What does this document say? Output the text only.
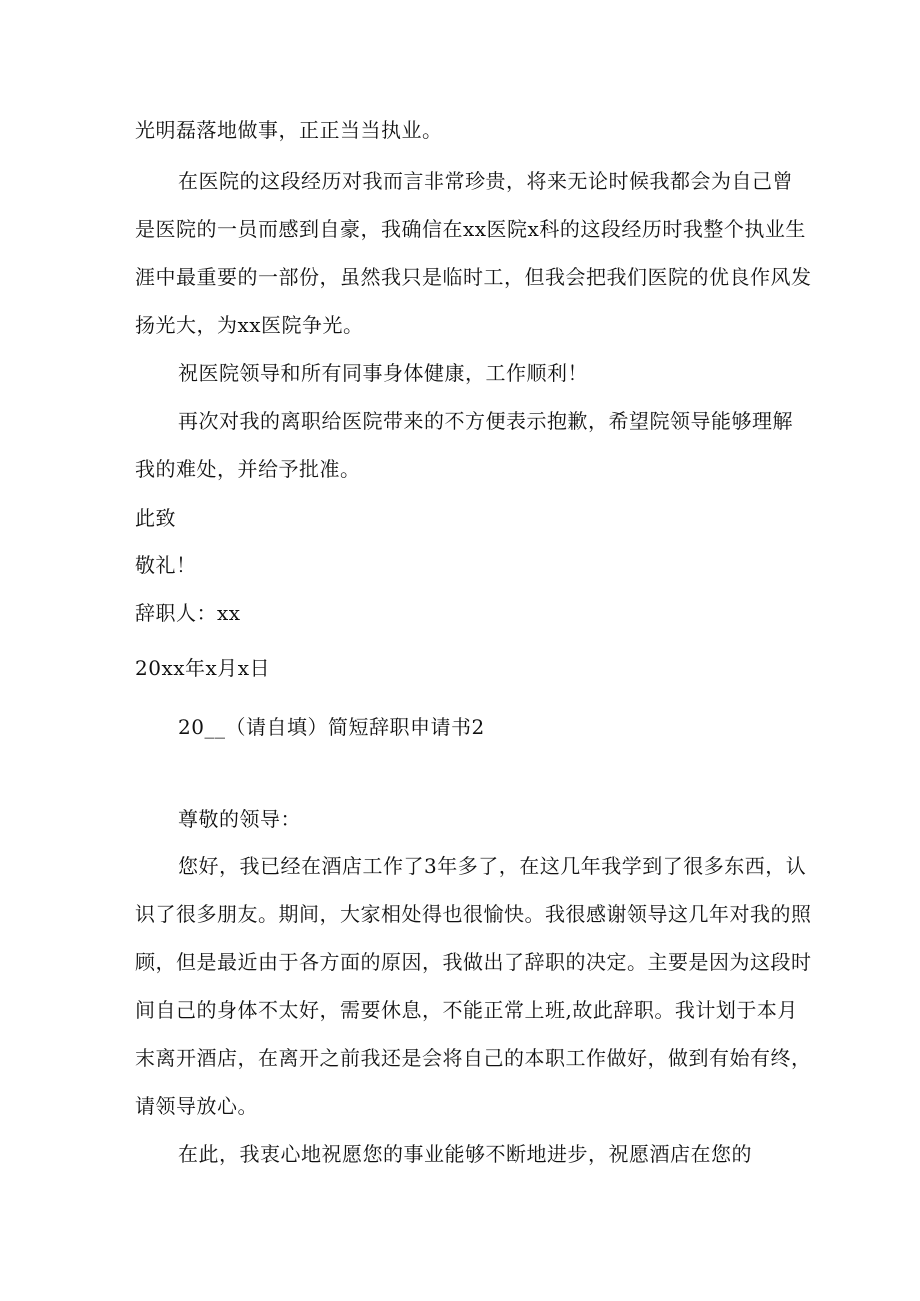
光明磊落地做事，正正当当执业。
在医院的这段经历对我而言非常珍贵，将来无论时候我都会为自己曾
是医院的一员而感到自豪，我确信在xx医院x科的这段经历时我整个执业生
涯中最重要的一部份，虽然我只是临时工，但我会把我们医院的优良作风发
扬光大，为xx医院争光。
祝医院领导和所有同事身体健康，工作顺利！
再次对我的离职给医院带来的不方便表示抱歉，希望院领导能够理解
我的难处，并给予批准。
此致
敬礼！
辞职人：xx
20xx年x月x日
20__（请自填）简短辞职申请书2
尊敬的领导：
您好，我已经在酒店工作了3年多了，在这几年我学到了很多东西，认
识了很多朋友。期间，大家相处得也很愉快。我很感谢领导这几年对我的照
顾，但是最近由于各方面的原因，我做出了辞职的决定。主要是因为这段时
间自己的身体不太好，需要休息，不能正常上班,故此辞职。我计划于本月
末离开酒店，在离开之前我还是会将自己的本职工作做好，做到有始有终，
请领导放心。
在此，我衷心地祝愿您的事业能够不断地进步，祝愿酒店在您的
